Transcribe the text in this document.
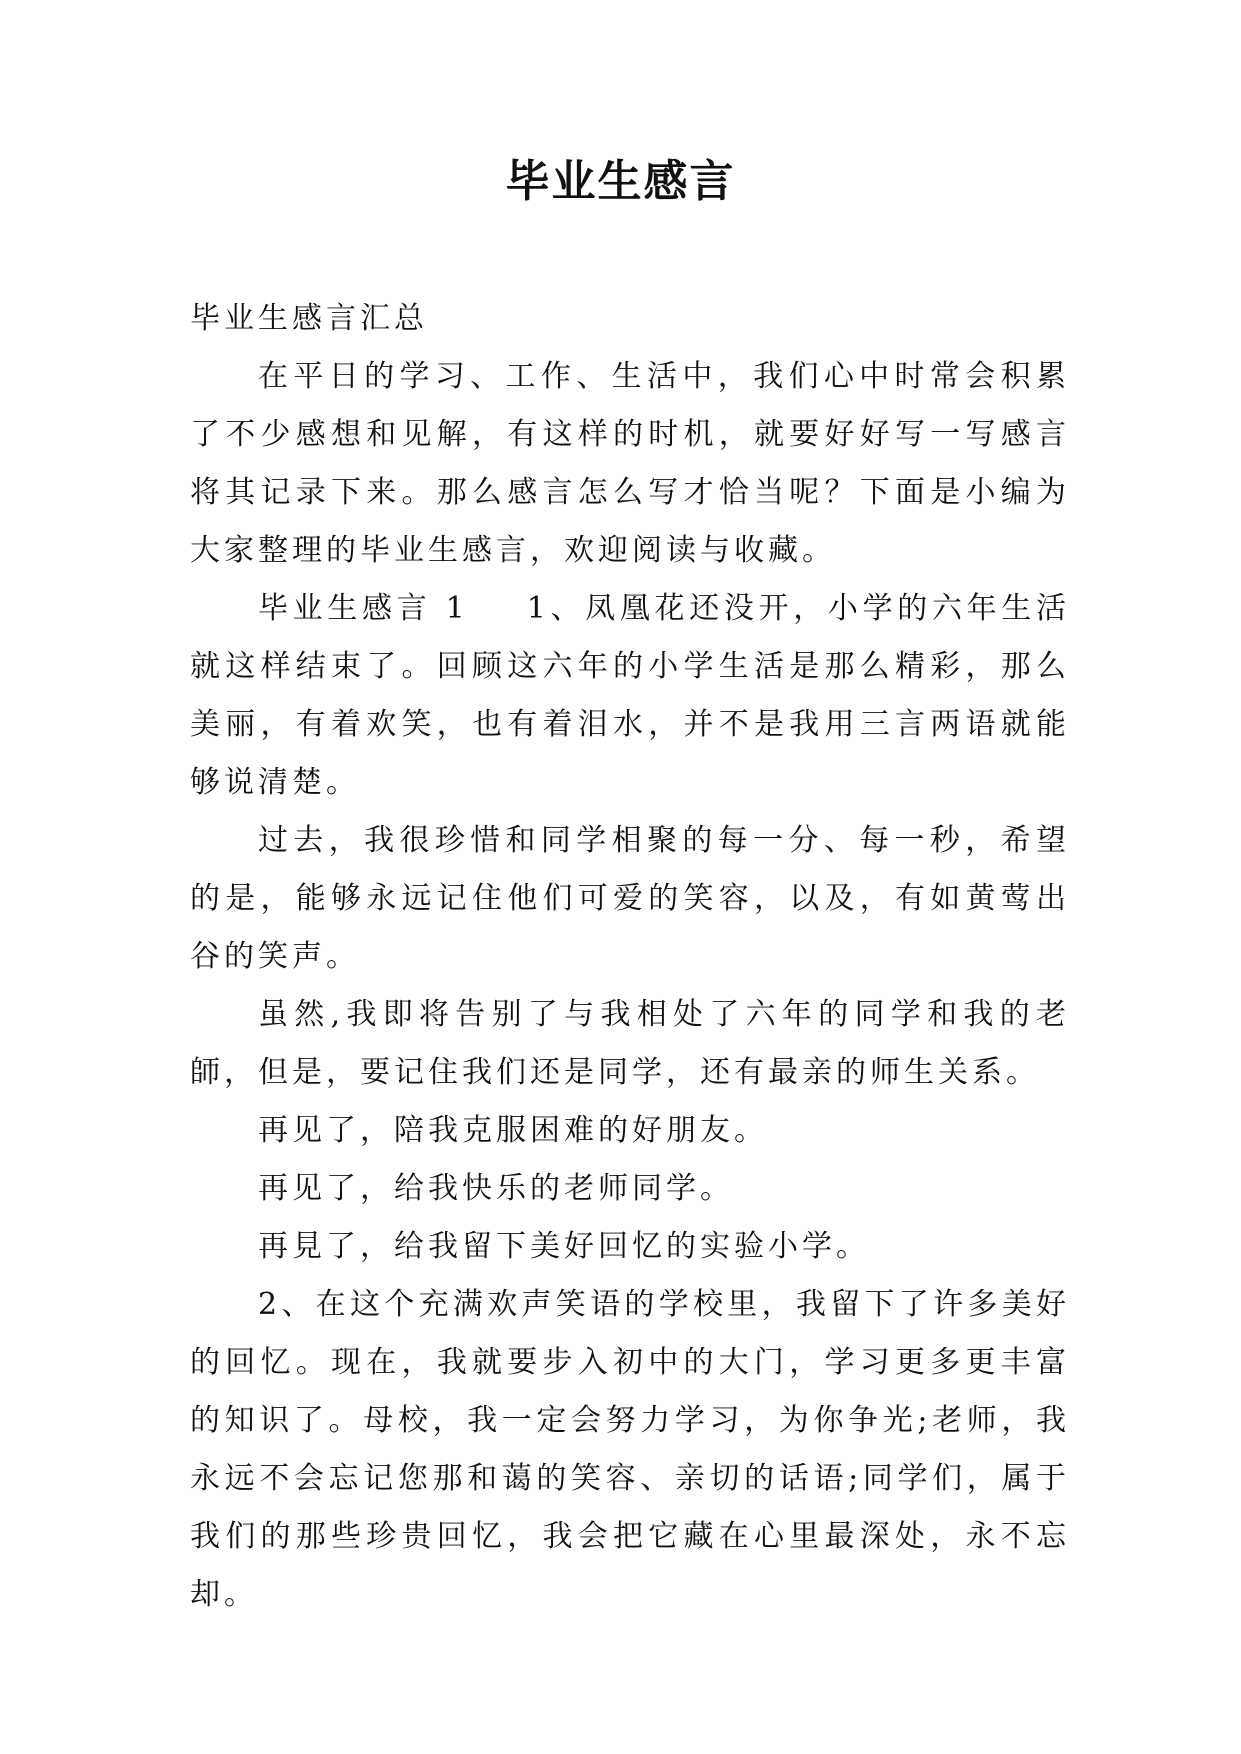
毕业生感言

毕业生感言汇总

在平日的学习、工作、生活中，我们心中时常会积累了不少感想和见解，有这样的时机，就要好好写一写感言将其记录下来。那么感言怎么写才恰当呢？下面是小编为大家整理的毕业生感言，欢迎阅读与收藏。

毕业生感言 1 1、凤凰花还没开，小学的六年生活就这样结束了。回顾这六年的小学生活是那么精彩，那么美丽，有着欢笑，也有着泪水，并不是我用三言两语就能够说清楚。

过去，我很珍惜和同学相聚的每一分、每一秒，希望的是，能够永远记住他们可爱的笑容，以及，有如黄莺出谷的笑声。

虽然,我即将告别了与我相处了六年的同学和我的老師，但是，要记住我们还是同学，还有最亲的师生关系。

再见了，陪我克服困难的好朋友。

再见了，给我快乐的老师同学。

再見了，给我留下美好回忆的实验小学。

2、在这个充满欢声笑语的学校里，我留下了许多美好的回忆。现在，我就要步入初中的大门，学习更多更丰富的知识了。母校，我一定会努力学习，为你争光;老师，我永远不会忘记您那和蔼的笑容、亲切的话语;同学们，属于我们的那些珍贵回忆，我会把它藏在心里最深处，永不忘却。
